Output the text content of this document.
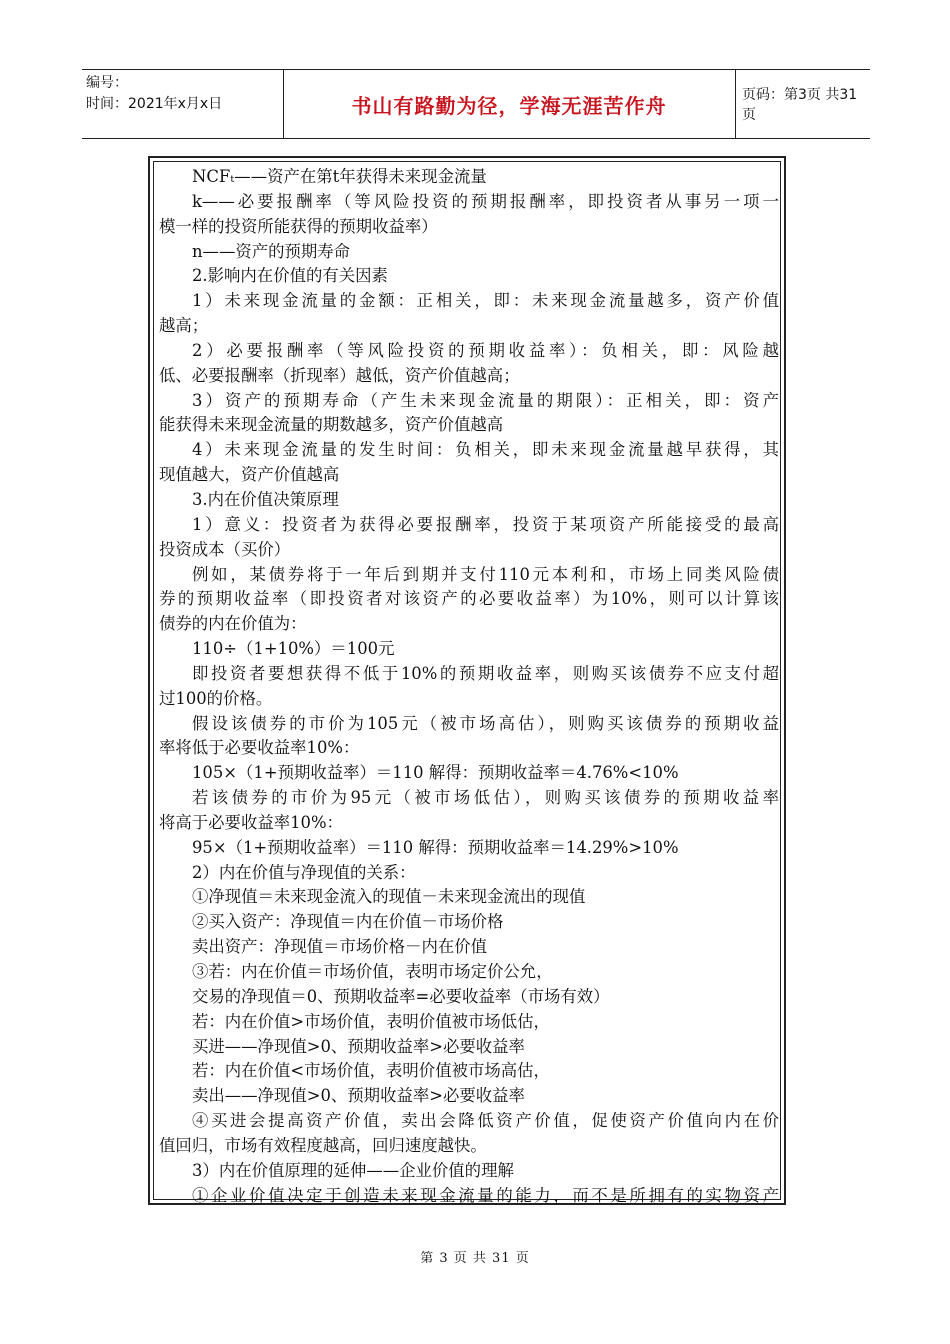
编号：
时间：2021年x月x日	书山有路勤为径，学海无涯苦作舟	页码：第3页 共31页
NCFₜ——资产在第t年获得未来现金流量
k——必要报酬率（等风险投资的预期报酬率，即投资者从事另一项一
模一样的投资所能获得的预期收益率）
n——资产的预期寿命
2.影响内在价值的有关因素
1）未来现金流量的金额：正相关，即：未来现金流量越多，资产价值
越高；
2）必要报酬率（等风险投资的预期收益率）：负相关，即：风险越
低、必要报酬率（折现率）越低，资产价值越高；
3）资产的预期寿命（产生未来现金流量的期限）：正相关，即：资产
能获得未来现金流量的期数越多，资产价值越高
4）未来现金流量的发生时间：负相关，即未来现金流量越早获得，其
现值越大，资产价值越高
3.内在价值决策原理
1）意义：投资者为获得必要报酬率，投资于某项资产所能接受的最高
投资成本（买价）
例如，某债券将于一年后到期并支付110元本利和，市场上同类风险债
券的预期收益率（即投资者对该资产的必要收益率）为10%，则可以计算该
债券的内在价值为：
110÷（1+10%）＝100元
即投资者要想获得不低于10%的预期收益率，则购买该债券不应支付超
过100的价格。
假设该债券的市价为105元（被市场高估），则购买该债券的预期收益
率将低于必要收益率10%：
105×（1+预期收益率）＝110 解得：预期收益率＝4.76%<10%
若该债券的市价为95元（被市场低估），则购买该债券的预期收益率
将高于必要收益率10%：
95×（1+预期收益率）＝110 解得：预期收益率＝14.29%>10%
2）内在价值与净现值的关系：
①净现值＝未来现金流入的现值－未来现金流出的现值
②买入资产：净现值＝内在价值－市场价格
卖出资产：净现值＝市场价格－内在价值
③若：内在价值＝市场价值，表明市场定价公允，
交易的净现值＝0、预期收益率=必要收益率（市场有效）
若：内在价值>市场价值，表明价值被市场低估，
买进——净现值>0、预期收益率>必要收益率
若：内在价值<市场价值，表明价值被市场高估，
卖出——净现值>0、预期收益率>必要收益率
④买进会提高资产价值，卖出会降低资产价值，促使资产价值向内在价
值回归，市场有效程度越高，回归速度越快。
3）内在价值原理的延伸——企业价值的理解
①企业价值决定于创造未来现金流量的能力，而不是所拥有的实物资产
第 3 页 共 31 页
